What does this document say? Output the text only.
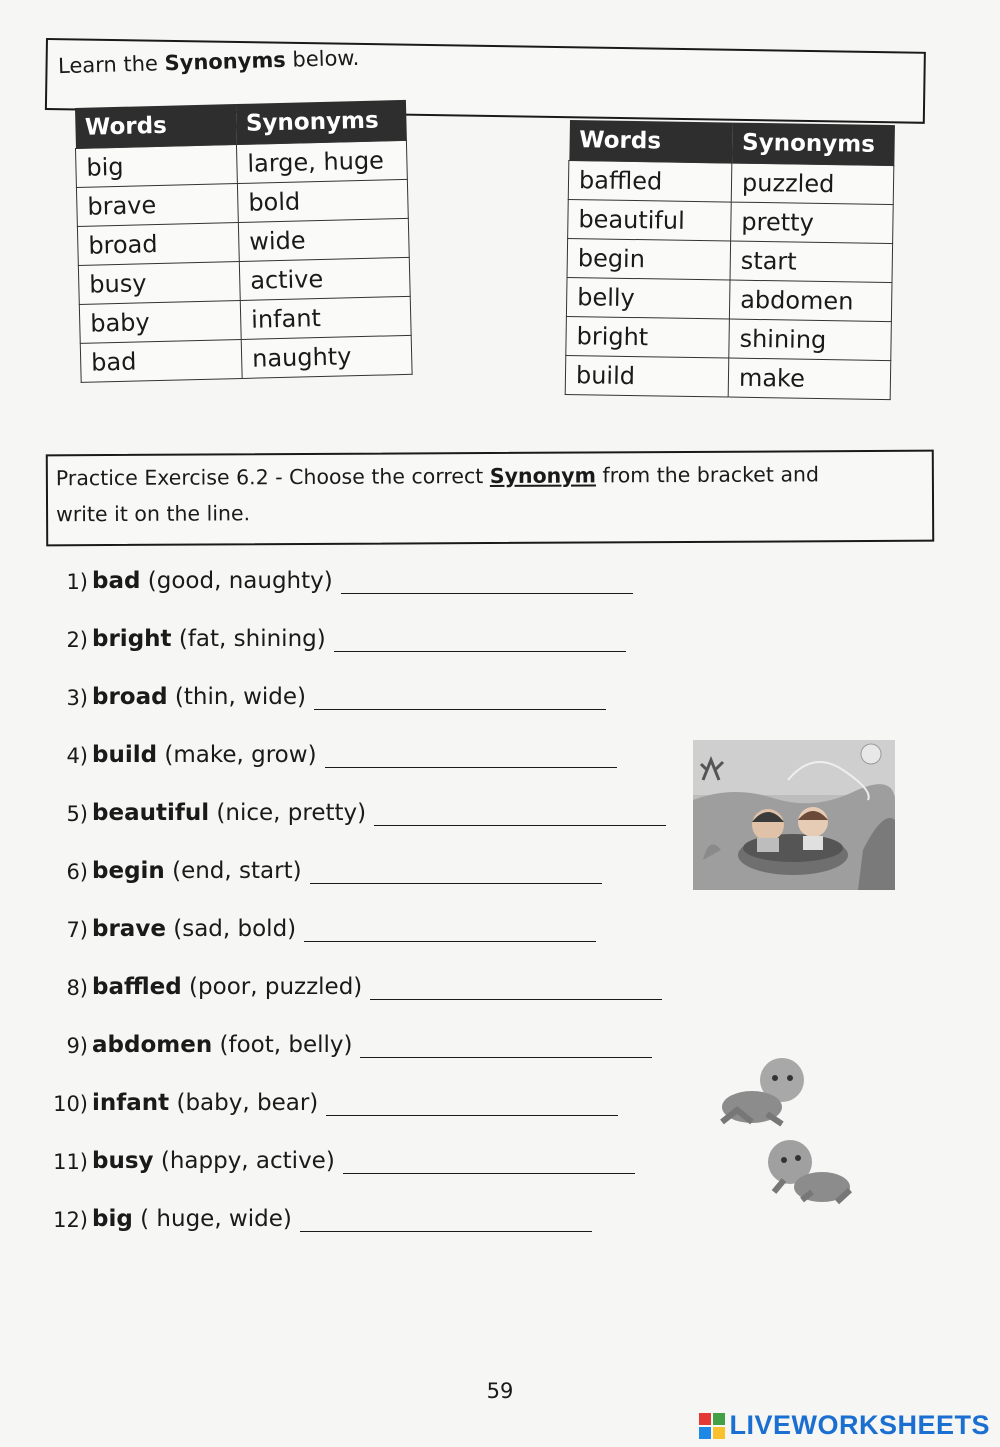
Learn the Synonyms below.
Words	Synonyms
big	large, huge
brave	bold
broad	wide
busy	active
baby	infant
bad	naughty
Words	Synonyms
baffled	puzzled
beautiful	pretty
begin	start
belly	abdomen
bright	shining
build	make
Practice Exercise 6.2 - Choose the correct Synonym from the bracket and
write it on the line.
1) bad
(good, naughty)
2) bright
(fat, shining)
3) broad
(thin, wide)
4) build
(make, grow)
5) beautiful
(nice, pretty)
6) begin
(end, start)
7) brave
(sad, bold)
8) baffled
(poor, puzzled)
9) abdomen
(foot, belly)
10) infant
(baby, bear)
11) busy
(happy, active)
12) big
( huge, wide)
59
LIVEWORKSHEETS
